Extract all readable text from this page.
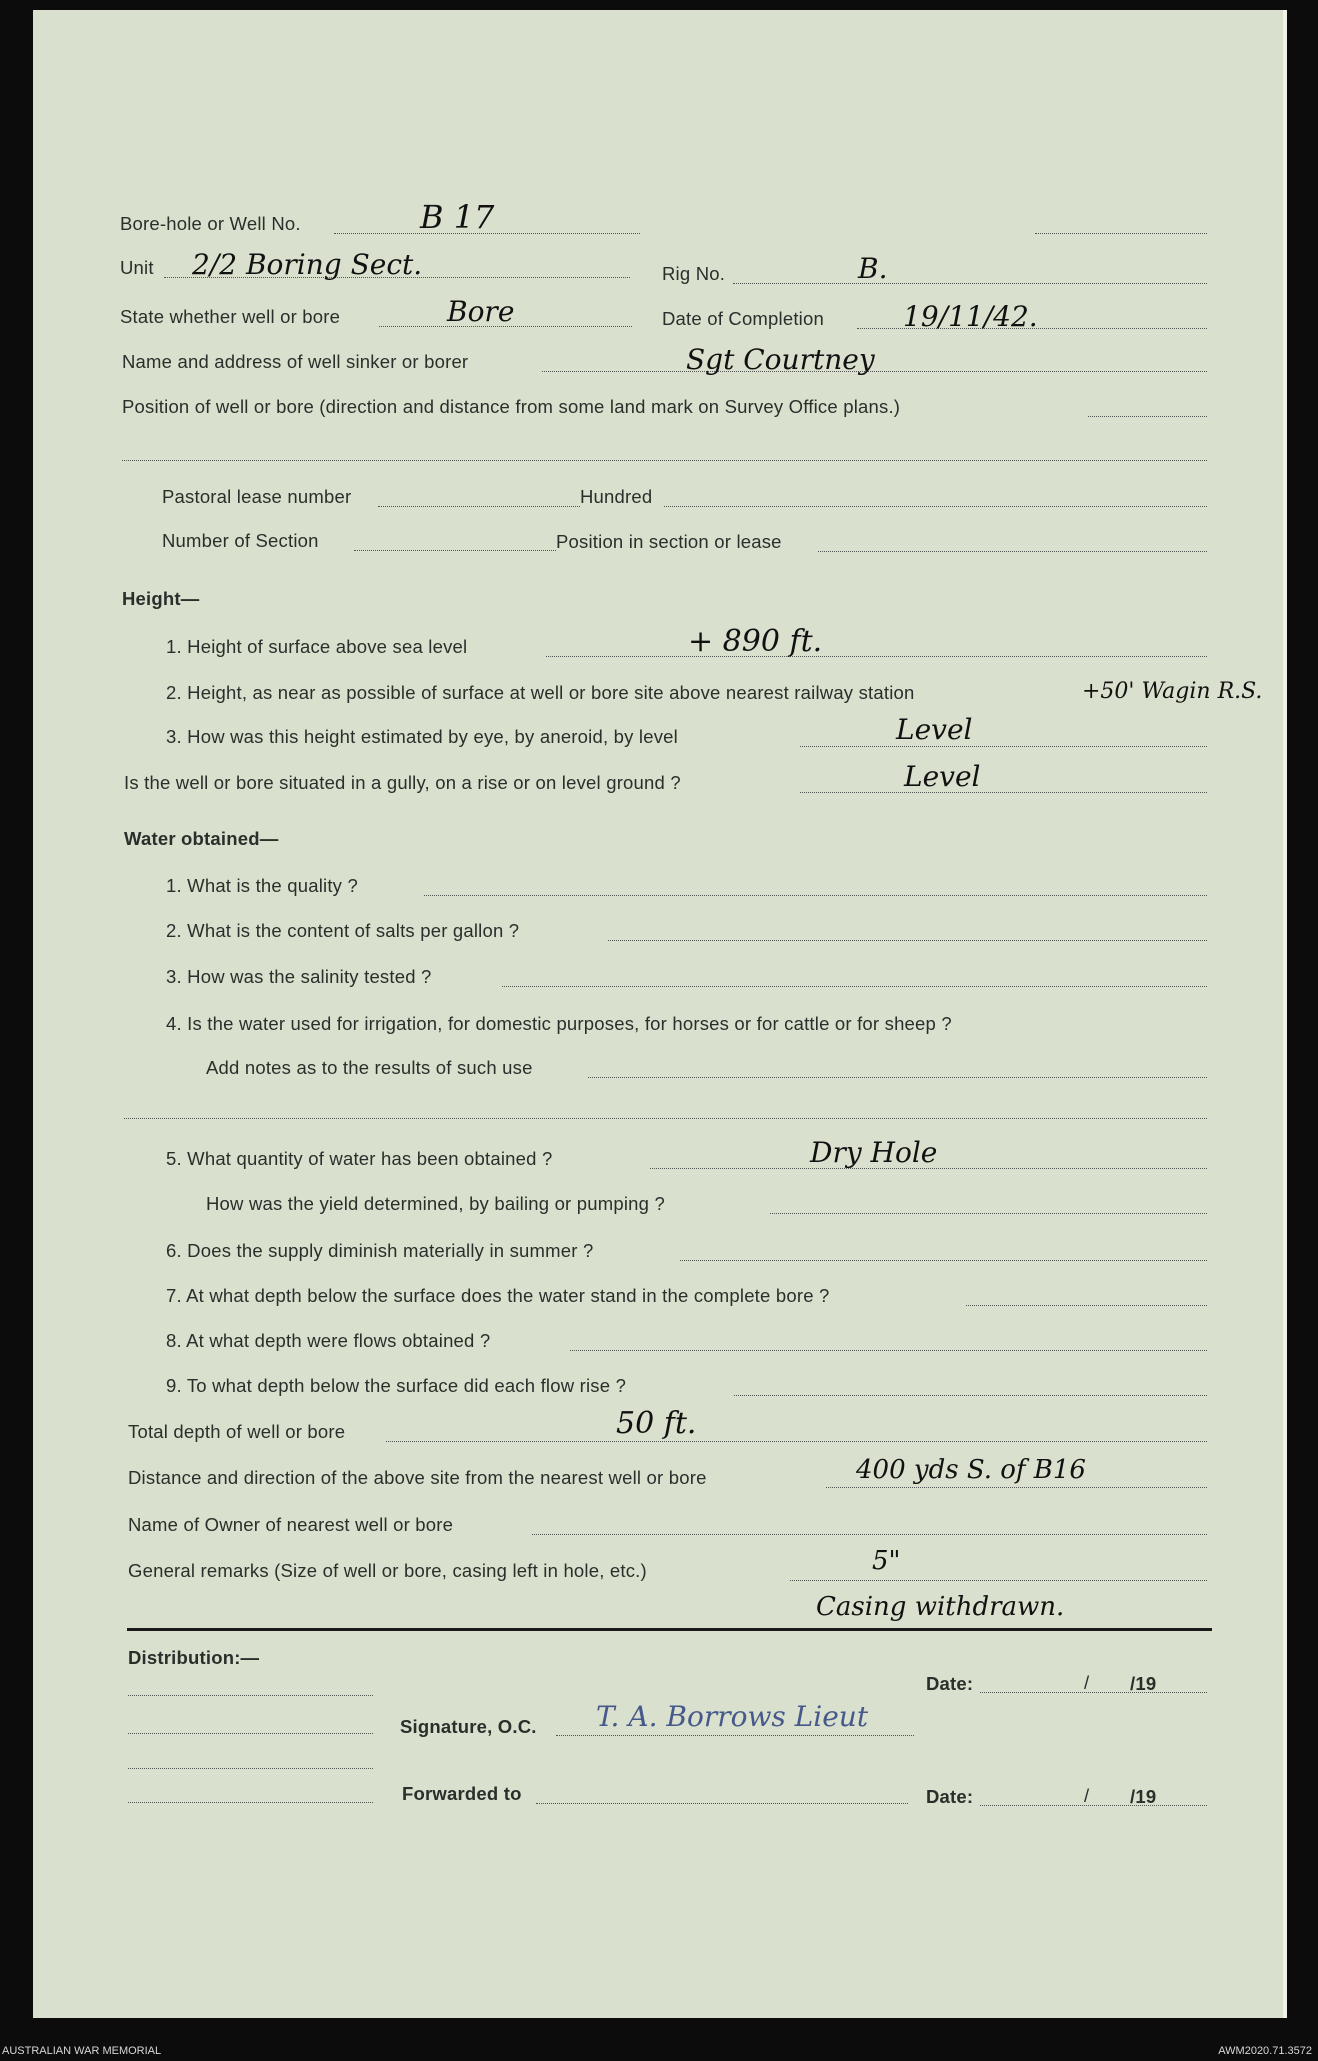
Bore-hole or Well No.	B 17
Unit 2/2 Boring Sect.	Rig No.	B.
State whether well or bore	Bore	Date of Completion	19/11/42.
Name and address of well sinker or borer	Sgt Courtney
Position of well or bore (direction and distance from some land mark on Survey Office plans.)
Pastoral lease number	Hundred
Number of Section	Position in section or lease
Height—
1. Height of surface above sea level	+ 890 ft.
2. Height, as near as possible of surface at well or bore site above nearest railway station	+50' Wagin R.S.
3. How was this height estimated by eye, by aneroid, by level	Level
Is the well or bore situated in a gully, on a rise or on level ground ?	Level
Water obtained—
1. What is the quality ?
2. What is the content of salts per gallon ?
3. How was the salinity tested ?
4. Is the water used for irrigation, for domestic purposes, for horses or for cattle or for sheep ?
Add notes as to the results of such use
5. What quantity of water has been obtained ?	Dry Hole
How was the yield determined, by bailing or pumping ?
6. Does the supply diminish materially in summer ?
7. At what depth below the surface does the water stand in the complete bore ?
8. At what depth were flows obtained ?
9. To what depth below the surface did each flow rise ?
Total depth of well or bore	50 ft.
Distance and direction of the above site from the nearest well or bore	400 yds S. of B16
Name of Owner of nearest well or bore
General remarks (Size of well or bore, casing left in hole, etc.)	5"
Casing withdrawn.
Distribution:—
Date:	/ /19
Signature, O.C. T. A. Borrows Lieut
Forwarded to	Date:	/ /19
AUSTRALIAN WAR MEMORIAL	AWM2020.71.3572
